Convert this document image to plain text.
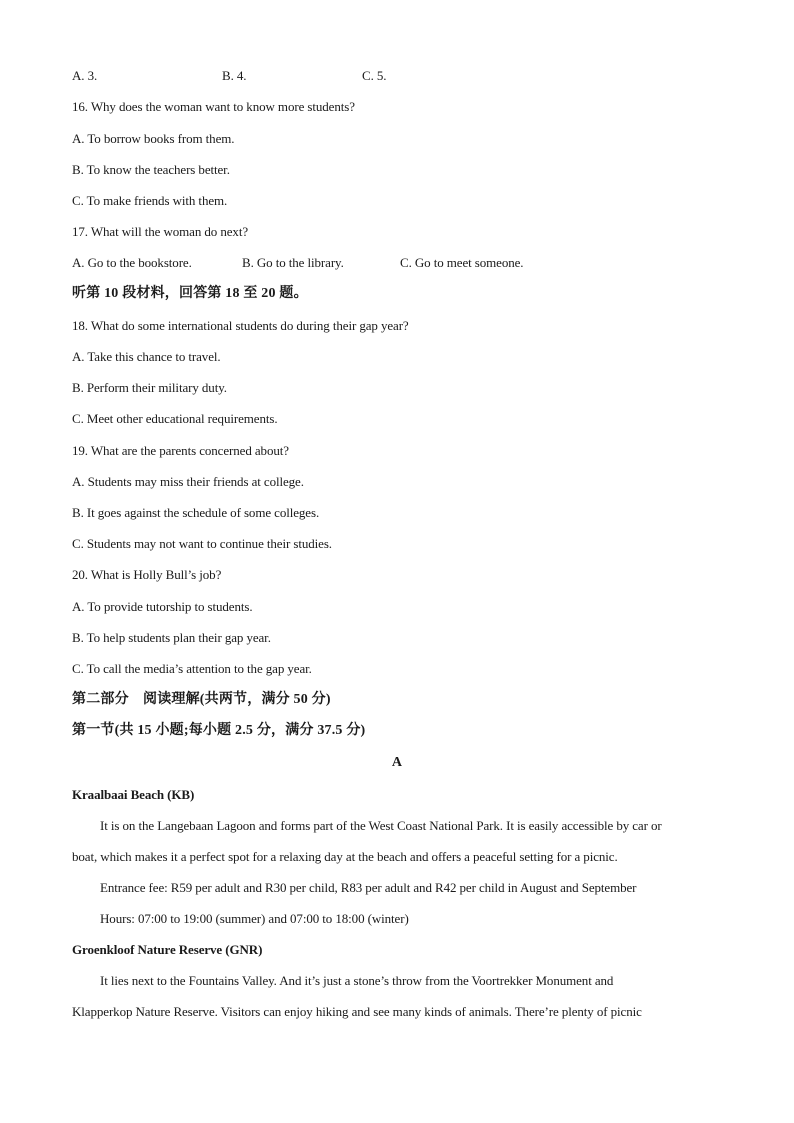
A. 3.	B. 4.	C. 5.
16. Why does the woman want to know more students?
A. To borrow books from them.
B. To know the teachers better.
C. To make friends with them.
17. What will the woman do next?
A. Go to the bookstore.	B. Go to the library.	C. Go to meet someone.
听第 10 段材料，回答第 18 至 20 题。
18. What do some international students do during their gap year?
A. Take this chance to travel.
B. Perform their military duty.
C. Meet other educational requirements.
19. What are the parents concerned about?
A. Students may miss their friends at college.
B. It goes against the schedule of some colleges.
C. Students may not want to continue their studies.
20. What is Holly Bull’s job?
A. To provide tutorship to students.
B. To help students plan their gap year.
C. To call the media’s attention to the gap year.
第二部分　阅读理解(共两节，满分 50 分)
第一节(共 15 小题;每小题 2.5 分，满分 37.5 分)
A
Kraalbaai Beach (KB)
It is on the Langebaan Lagoon and forms part of the West Coast National Park. It is easily accessible by car or
boat, which makes it a perfect spot for a relaxing day at the beach and offers a peaceful setting for a picnic.
Entrance fee: R59 per adult and R30 per child, R83 per adult and R42 per child in August and September
Hours: 07:00 to 19:00 (summer) and 07:00 to 18:00 (winter)
Groenkloof Nature Reserve (GNR)
It lies next to the Fountains Valley. And it’s just a stone’s throw from the Voortrekker Monument and
Klapperkop Nature Reserve. Visitors can enjoy hiking and see many kinds of animals. There’re plenty of picnic
